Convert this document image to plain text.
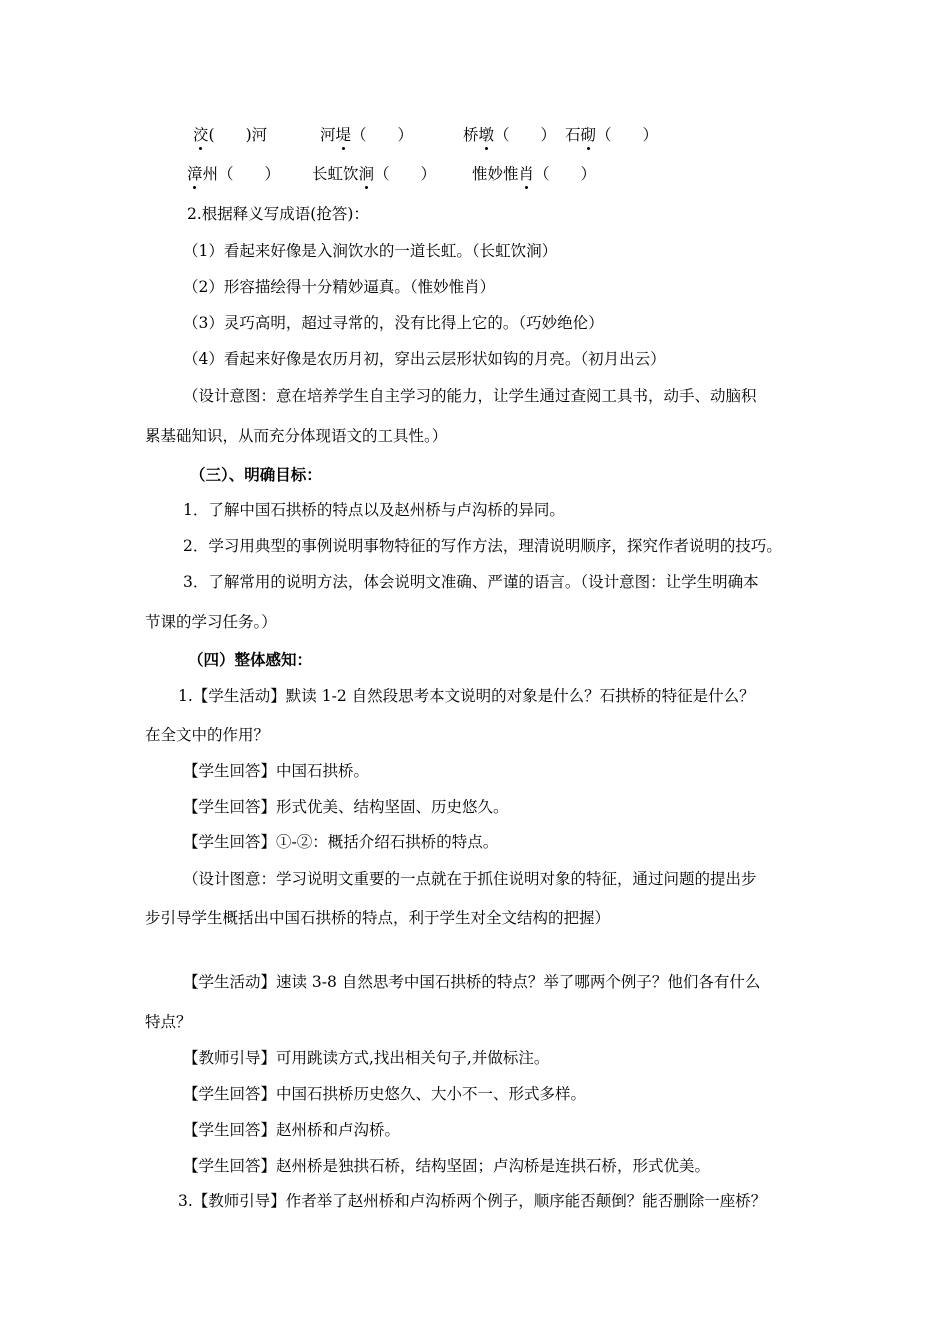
洨(　　)河	河堤（　　）	桥墩（　　） 石砌（　　）
漳州（　　） 长虹饮涧（　　） 惟妙惟肖（　　）
2.根据释义写成语(抢答)：
（1）看起来好像是入涧饮水的一道长虹。（长虹饮涧）
（2）形容描绘得十分精妙逼真。（惟妙惟肖）
（3）灵巧高明，超过寻常的，没有比得上它的。（巧妙绝伦）
（4）看起来好像是农历月初，穿出云层形状如钩的月亮。（初月出云）
（设计意图：意在培养学生自主学习的能力，让学生通过查阅工具书，动手、动脑积
累基础知识，从而充分体现语文的工具性。）
（三）、明确目标：
1．了解中国石拱桥的特点以及赵州桥与卢沟桥的异同。
2．学习用典型的事例说明事物特征的写作方法，理清说明顺序，探究作者说明的技巧。
3．了解常用的说明方法，体会说明文准确、严谨的语言。（设计意图：让学生明确本
节课的学习任务。）
（四）整体感知：
1.【学生活动】默读 1-2 自然段思考本文说明的对象是什么？石拱桥的特征是什么？
在全文中的作用？
【学生回答】中国石拱桥。
【学生回答】形式优美、结构坚固、历史悠久。
【学生回答】①-②：概括介绍石拱桥的特点。
（设计图意：学习说明文重要的一点就在于抓住说明对象的特征，通过问题的提出步
步引导学生概括出中国石拱桥的特点，利于学生对全文结构的把握）
【学生活动】速读 3-8 自然思考中国石拱桥的特点？举了哪两个例子？他们各有什么
特点？
【教师引导】可用跳读方式,找出相关句子,并做标注。
【学生回答】中国石拱桥历史悠久、大小不一、形式多样。
【学生回答】赵州桥和卢沟桥。
【学生回答】赵州桥是独拱石桥，结构坚固；卢沟桥是连拱石桥，形式优美。
3.【教师引导】作者举了赵州桥和卢沟桥两个例子，顺序能否颠倒？能否删除一座桥？
